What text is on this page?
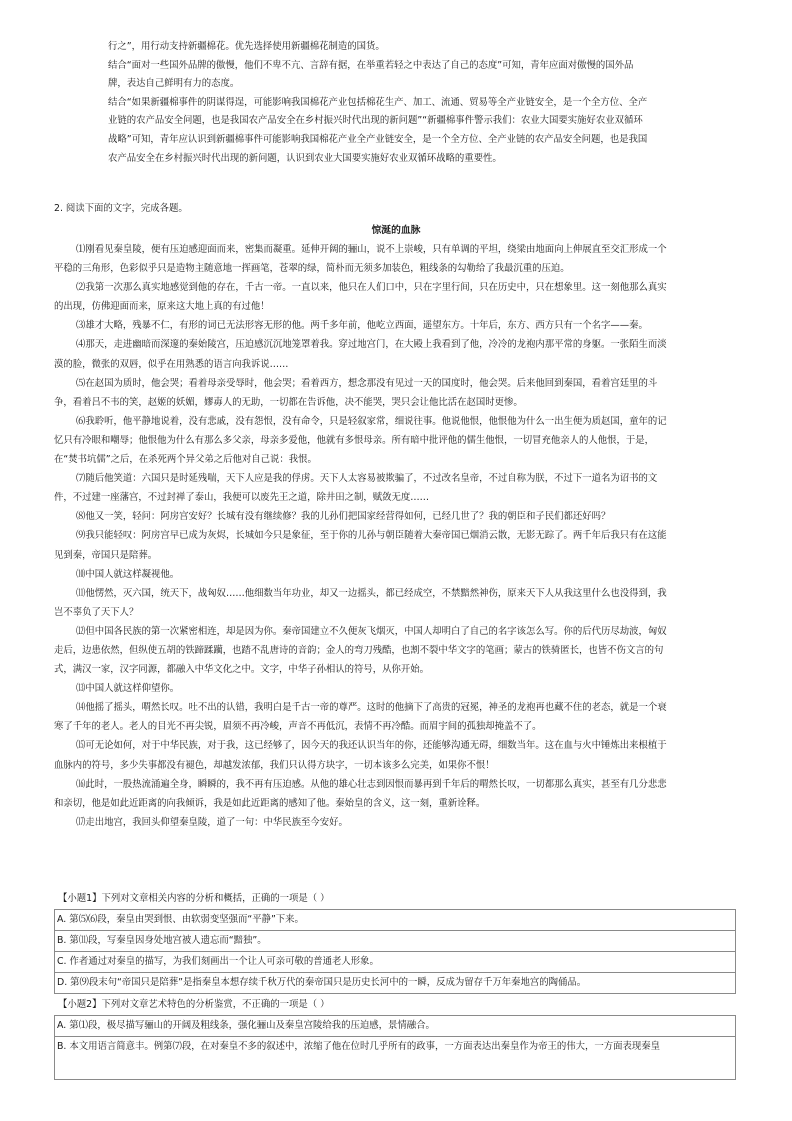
行之”，用行动支持新疆棉花。优先选择使用新疆棉花制造的国货。
结合“面对一些国外品牌的傲慢，他们不卑不亢、言辞有据，在举重若轻之中表达了自己的态度”可知，青年应面对傲慢的国外品
牌，表达自己鲜明有力的态度。
结合“如果新疆棉事件的阴谋得逞，可能影响我国棉花产业包括棉花生产、加工、流通、贸易等全产业链安全，是一个全方位、全产
业链的农产品安全问题，也是我国农产品安全在乡村振兴时代出现的新问题”“新疆棉事件警示我们：农业大国要实施好农业双循环
战略”可知，青年应认识到新疆棉事件可能影响我国棉花产业全产业链安全，是一个全方位、全产业链的农产品安全问题，也是我国
农产品安全在乡村振兴时代出现的新问题，认识到农业大国要实施好农业双循环战略的重要性。
2. 阅读下面的文字，完成各题。
惊涎的血脉
⑴刚看见秦皇陵，便有压迫感迎面而来，密集而凝重。延伸开阔的骊山，说不上崇峻，只有单调的平坦，绕梁由地面向上伸展直至交汇形成一个
平稳的三角形，色彩似乎只是造物主随意地一挥画笔，苍翠的绿，简朴而无须多加装色，粗线条的勾勒给了我最沉重的压迫。
⑵我第一次那么真实地感觉到他的存在，千古一帝。一直以来，他只在人们口中，只在字里行间，只在历史中，只在想象里。这一刻他那么真实
的出现，仿佛迎面而来，原来这大地上真的有过他！
⑶雄才大略，残暴不仁，有形的词已无法形容无形的他。两千多年前，他屹立西面，遥望东方。十年后，东方、西方只有一个名字——秦。
⑷那天，走进幽暗而深邃的秦始陵宫，压迫感沉沉地笼罩着我。穿过地宫门，在大殿上我看到了他，冷冷的龙袍内那平常的身躯。一张陌生而淡
漠的脸，微张的双唇，似乎在用熟悉的语言向我诉说……
⑸在赵国为质时，他会哭；看着母亲受辱时，他会哭；看着西方，想念那没有见过一天的国度时，他会哭。后来他回到秦国，看着宫廷里的斗
争，看着吕不韦的笑，赵姬的妖媚，嫪毐人的无助，一切都在告诉他，决不能哭，哭只会让他比活在赵国时更惨。
⑹我聆听，他平静地说着，没有悲戚，没有怨恨，没有命令，只是轻叙家常，细说往事。他说他恨，他恨他为什么一出生便为质赵国，童年的记
忆只有冷眼和嘲辱；他恨他为什么有那么多父亲，母亲多爱他，他就有多恨母亲。所有暗中批评他的儒生他恨，一切冒充他亲人的人他恨，于是，
在“焚书坑儒”之后，在杀死两个异父弟之后他对自己说：我恨。
⑺随后他笑道：六国只是时延残喘，天下人应是我的俘虏。天下人太容易被欺骗了，不过改名皇帝，不过自称为朕，不过下一道名为诏书的文
件，不过建一座藩宫，不过封禅了泰山，我便可以废先王之道，除井田之制，赋敛无度……
⑻他又一笑，轻问：阿房宫安好？长城有没有继续修？我的儿孙们把国家经营得如何，已经几世了？我的朝臣和子民们都还好吗？
⑼我只能轻叹：阿房宫早已成为灰烬，长城如今只是象征，至于你的儿孙与朝臣随着大秦帝国已烟消云散，无影无踪了。两千年后我只有在这能
见到秦，帝国只是陪葬。
⑽中国人就这样凝视他。
⑾他愣然，灭六国，统天下，战匈奴……他细数当年功业，却又一边摇头，都已经成空，不禁黯然神伤，原来天下人从我这里什么也没得到，我
岂不辜负了天下人？
⑿但中国各民族的第一次紧密相连，却是因为你。秦帝国建立不久便灰飞烟灭，中国人却明白了自己的名字该怎么写。你的后代历尽劫波，匈奴
走后，边患依然，但纵使五胡的铁蹄蹂躏，也踏不乱唐诗的音韵；金人的弯刀残酷，也割不裂中华文字的笔画；蒙古的铁骑匿长，也皆不伤文言的句
式，满汉一家，汉字同源，都融入中华文化之中。文字，中华子孙相认的符号，从你开始。
⒀中国人就这样仰望你。
⒁他摇了摇头，喟然长叹。吐不出的认错，我明白是千古一帝的尊严。这时的他摘下了高贵的冠冕，神圣的龙袍再也藏不住的老态，就是一个衰
寒了千年的老人。老人的目光不再尖锐，眉须不再冷峻，声音不再低沉，表情不再冷酷。而眉宇间的孤独却掩盖不了。
⒂可无论如何，对于中华民族，对于我，这已经够了，因今天的我还认识当年的你，还能够沟通无碍，细数当年。这在血与火中锤炼出来根植于
血脉内的符号，多少失事都没有褪色，却越发浓郁，我们只认得方块字，一切本该多么完美，如果你不恨！
⒃此时，一股热流涌遍全身，瞬瞬的，我不再有压迫感。从他的雄心壮志到因恨而暴再到千年后的喟然长叹，一切都那么真实，甚至有几分悲悲
和亲切，他是如此近距离的向我倾诉，我是如此近距离的感知了他。秦始皇的含义，这一刻，重新诠释。
⒄走出地宫，我回头仰望秦皇陵，道了一句：中华民族至今安好。
【小题1】下列对文章相关内容的分析和概括，正确的一项是（ ）
A. 第⑸⑹段，秦皇由哭到恨、由软弱变坚强而“平静”下来。
B. 第⑾段，写秦皇因身处地宫被人遗忘而“黯独”。
C. 作者通过对秦皇的描写，为我们刻画出一个让人可亲可敬的普通老人形象。
D. 第⑼段末句“帝国只是陪葬”是指秦皇本想存续千秋万代的秦帝国只是历史长河中的一瞬，反成为留存千万年秦地宫的陶俑品。
【小题2】下列对文章艺术特色的分析鉴赏，不正确的一项是（ ）
A. 第⑴段，极尽描写骊山的开阔及粗线条，强化骊山及秦皇宫陵给我的压迫感，景情融合。
B. 本文用语言简意丰。例第⑺段，在对秦皇不多的叙述中，浓缩了他在位时几乎所有的政事，一方面表达出秦皇作为帝王的伟大，一方面表现秦皇
